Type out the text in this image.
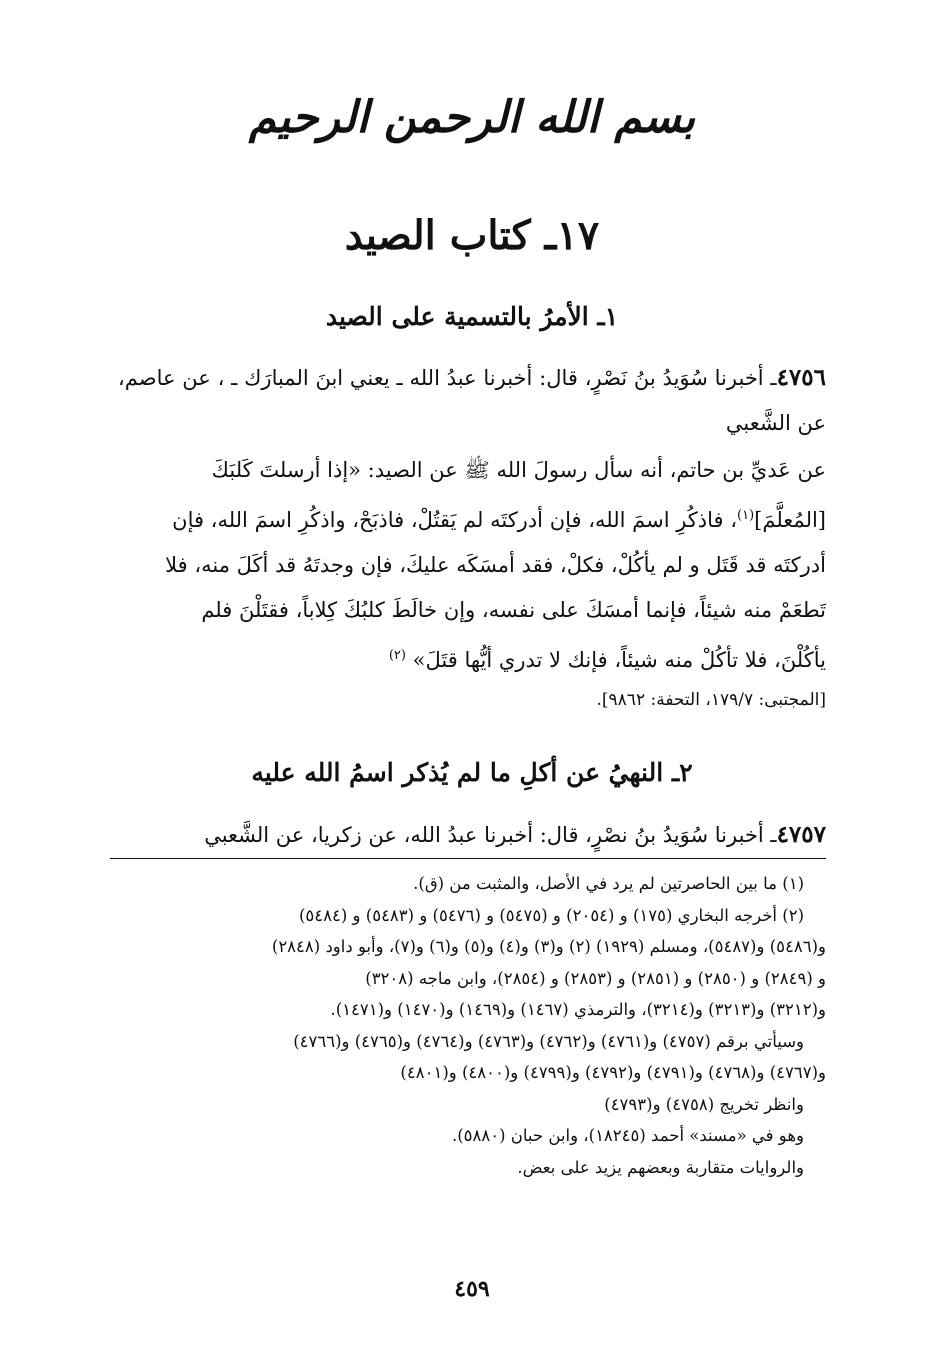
بسم الله الرحمن الرحيم
١٧ـ كتاب الصيد
١ـ الأمرُ بالتسمية على الصيد
٤٧٥٦ـ أخبرنا سُوَيدُ بنُ نَصْرٍ، قال: أخبرنا عبدُ الله ـ يعني ابنَ المبارَك ـ ، عن عاصم، عن الشَّعبي
عن عَديِّ بن حاتم، أنه سأل رسولَ الله ﷺ عن الصيد: «إذا أرسلتَ كَلبَكَ
[المُعلَّمَ]$^{(١)}$، فاذكُرِ اسمَ الله، فإن أدركتَه لم يَقتُلْ، فاذبَحْ، واذكُرِ اسمَ الله، فإن
أدركتَه قد قَتَل و لم يأكُلْ، فكلْ، فقد أمسَكَه عليكَ، فإن وجدتَهُ قد أكَلَ منه، فلا
تَطعَمْ منه شيئاً، فإنما أمسَكَ على نفسه، وإن خالَطَ كلبُكَ كِلاباً، فقتَلْنَ فلم
يأكُلْنَ، فلا تأكُلْ منه شيئاً، فإنك لا تدري أيُّها قتَلَ» $^{(٢)}$
[المجتبى: ١٧٩/٧، التحفة: ٩٨٦٢].
٢ـ النهيُ عن أكلِ ما لم يُذكر اسمُ الله عليه
٤٧٥٧ـ أخبرنا سُوَيدُ بنُ نصْرٍ، قال: أخبرنا عبدُ الله، عن زكريا، عن الشَّعبي
(١) ما بين الحاصرتين لم يرد في الأصل، والمثبت من (ق).
(٢) أخرجه البخاري (١٧٥) و (٢٠٥٤) و (٥٤٧٥) و (٥٤٧٦) و (٥٤٨٣) و (٥٤٨٤)
و(٥٤٨٦) و(٥٤٨٧)، ومسلم (١٩٢٩) (٢) و(٣) و(٤) و(٥) و(٦) و(٧)، وأبو داود (٢٨٤٨)
و (٢٨٤٩) و (٢٨٥٠) و (٢٨٥١) و (٢٨٥٣) و (٢٨٥٤)، وابن ماجه (٣٢٠٨)
و(٣٢١٢) و(٣٢١٣) و(٣٢١٤)، والترمذي (١٤٦٧) و(١٤٦٩) و(١٤٧٠) و(١٤٧١).
وسيأتي برقم (٤٧٥٧) و(٤٧٦١) و(٤٧٦٢) و(٤٧٦٣) و(٤٧٦٤) و(٤٧٦٥) و(٤٧٦٦)
و(٤٧٦٧) و(٤٧٦٨) و(٤٧٩١) و(٤٧٩٢) و(٤٧٩٩) و(٤٨٠٠) و(٤٨٠١)
وانظر تخريج (٤٧٥٨) و(٤٧٩٣)
وهو في «مسند» أحمد (١٨٢٤٥)، وابن حبان (٥٨٨٠).
والروايات متقاربة وبعضهم يزيد على بعض.
٤٥٩
